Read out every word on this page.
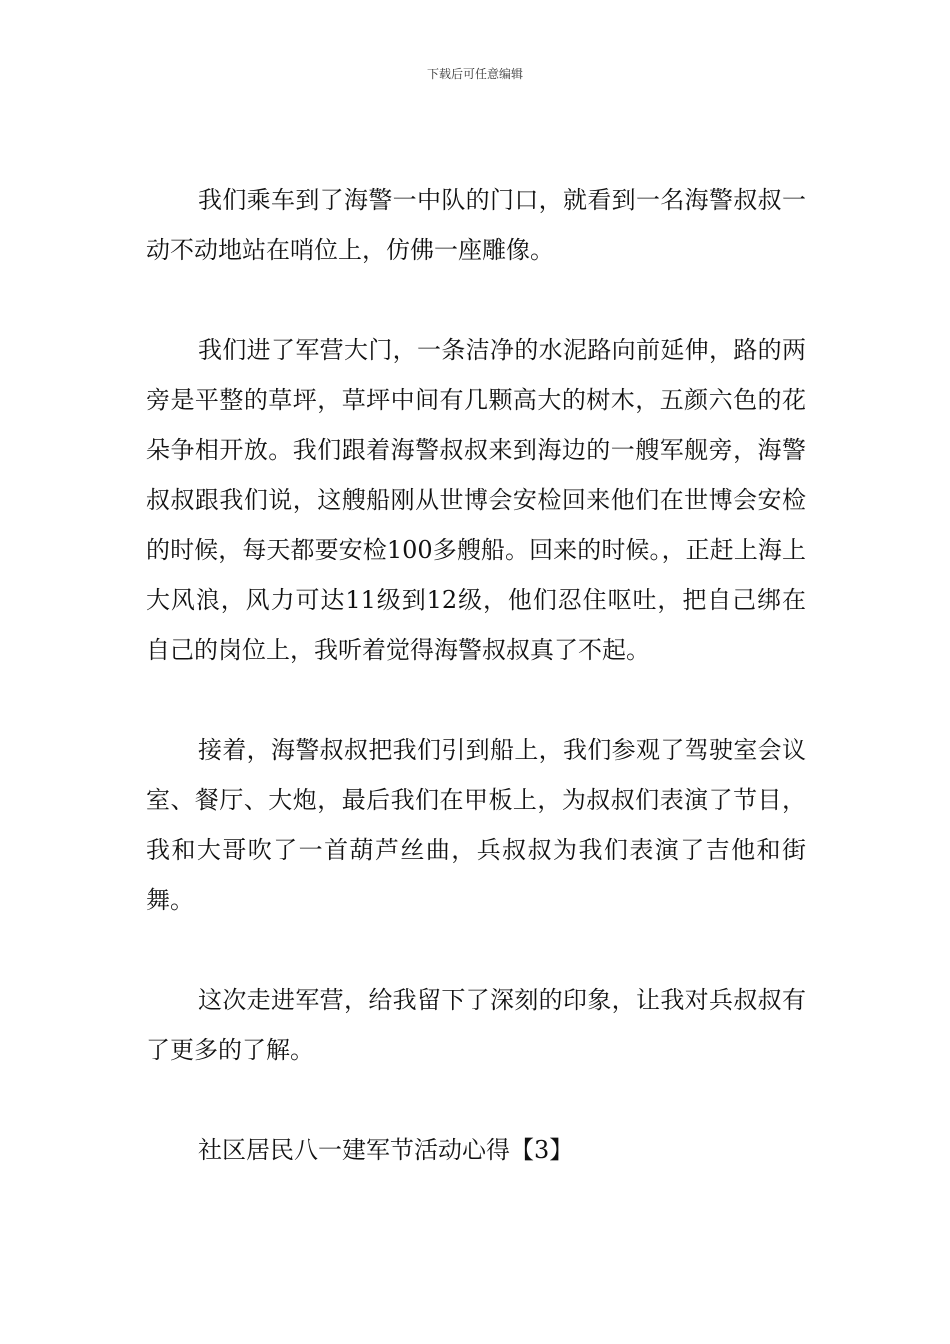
下载后可任意编辑

我们乘车到了海警一中队的门口，就看到一名海警叔叔一动不动地站在哨位上，仿佛一座雕像。

我们进了军营大门，一条洁净的水泥路向前延伸，路的两旁是平整的草坪，草坪中间有几颗高大的树木，五颜六色的花朵争相开放。我们跟着海警叔叔来到海边的一艘军舰旁，海警叔叔跟我们说，这艘船刚从世博会安检回来他们在世博会安检的时候，每天都要安检100多艘船。回来的时候。，正赶上海上大风浪，风力可达11级到12级，他们忍住呕吐，把自己绑在自己的岗位上，我听着觉得海警叔叔真了不起。

接着，海警叔叔把我们引到船上，我们参观了驾驶室会议室、餐厅、大炮，最后我们在甲板上，为叔叔们表演了节目，我和大哥吹了一首葫芦丝曲，兵叔叔为我们表演了吉他和街舞。

这次走进军营，给我留下了深刻的印象，让我对兵叔叔有了更多的了解。

社区居民八一建军节活动心得【3】
